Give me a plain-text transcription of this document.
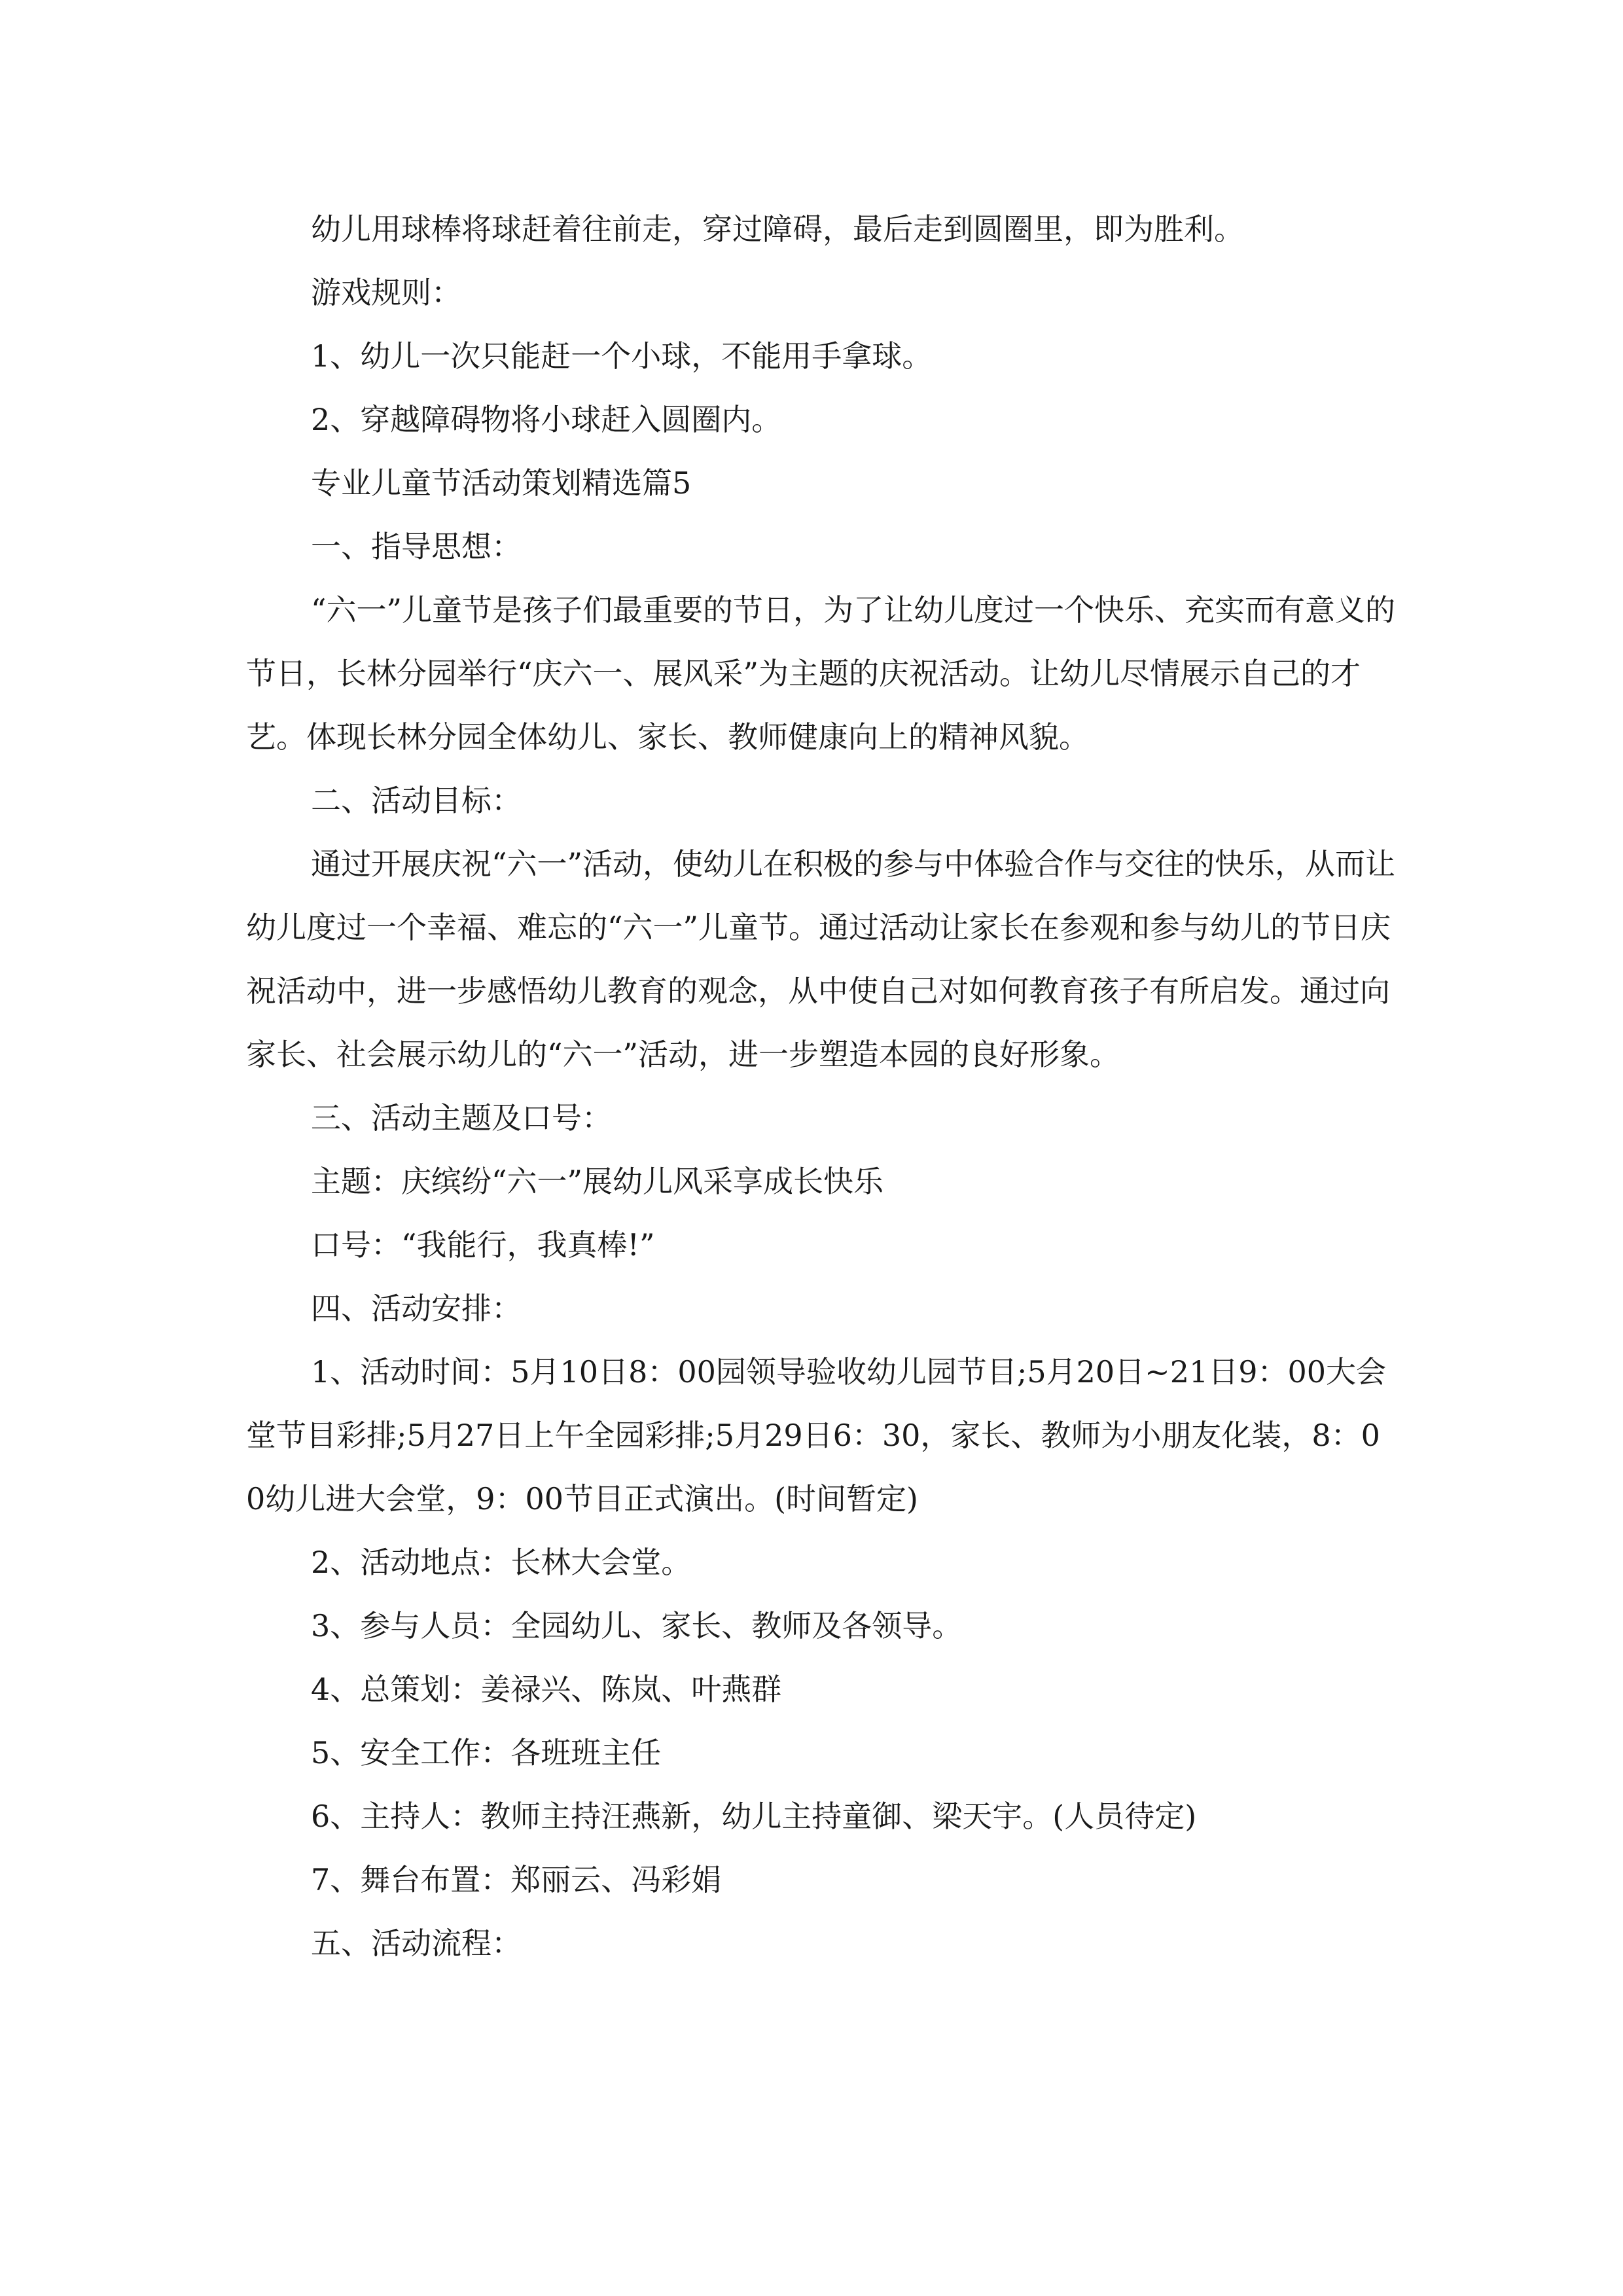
幼儿用球棒将球赶着往前走，穿过障碍，最后走到圆圈里，即为胜利。

游戏规则：

1、幼儿一次只能赶一个小球，不能用手拿球。

2、穿越障碍物将小球赶入圆圈内。

专业儿童节活动策划精选篇5

一、指导思想：

“六一”儿童节是孩子们最重要的节日，为了让幼儿度过一个快乐、充实而有意义的节日，长林分园举行“庆六一、展风采”为主题的庆祝活动。让幼儿尽情展示自己的才艺。体现长林分园全体幼儿、家长、教师健康向上的精神风貌。

二、活动目标：

通过开展庆祝“六一”活动，使幼儿在积极的参与中体验合作与交往的快乐，从而让幼儿度过一个幸福、难忘的“六一”儿童节。通过活动让家长在参观和参与幼儿的节日庆祝活动中，进一步感悟幼儿教育的观念，从中使自己对如何教育孩子有所启发。通过向家长、社会展示幼儿的“六一”活动，进一步塑造本园的良好形象。

三、活动主题及口号：

主题：庆缤纷“六一”展幼儿风采享成长快乐

口号：“我能行，我真棒!”

四、活动安排：

1、活动时间：5月10日8：00园领导验收幼儿园节目;5月20日~21日9：00大会堂节目彩排;5月27日上午全园彩排;5月29日6：30，家长、教师为小朋友化装，8：00幼儿进大会堂，9：00节目正式演出。(时间暂定)

2、活动地点：长林大会堂。

3、参与人员：全园幼儿、家长、教师及各领导。

4、总策划：姜禄兴、陈岚、叶燕群

5、安全工作：各班班主任

6、主持人：教师主持汪燕新，幼儿主持童御、梁天宇。(人员待定)

7、舞台布置：郑丽云、冯彩娟

五、活动流程：
